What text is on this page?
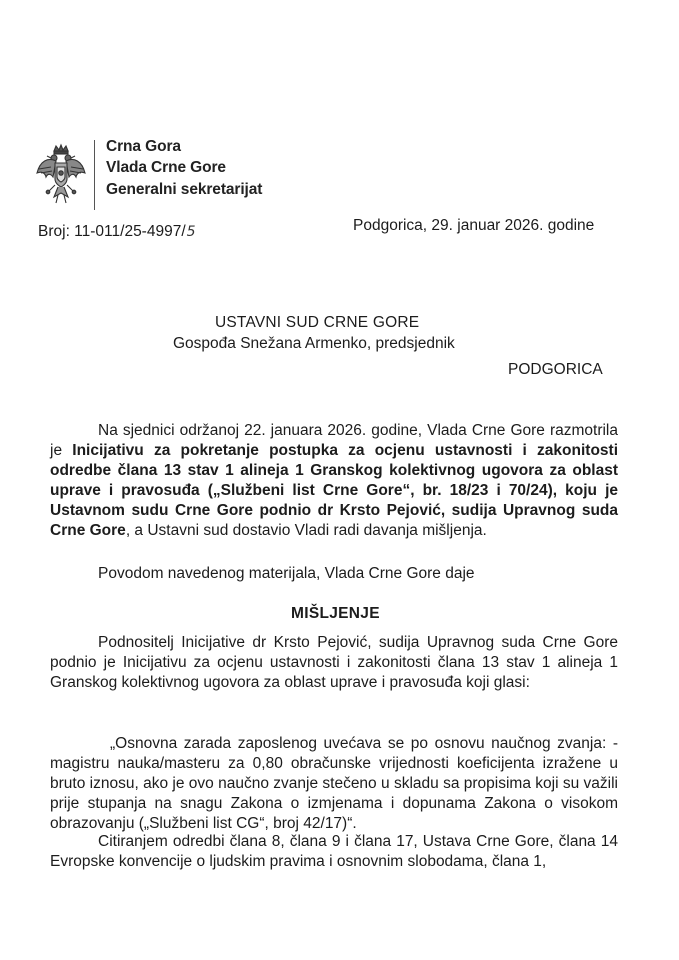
Crna Gora
Vlada Crne Gore
Generalni sekretarijat
Broj: 11-011/25-4997/5	Podgorica, 29. januar 2026. godine
USTAVNI SUD CRNE GORE
Gospođa Snežana Armenko, predsjednik
PODGORICA

Na sjednici održanoj 22. januara 2026. godine, Vlada Crne Gore razmotrila je Inicijativu za pokretanje postupka za ocjenu ustavnosti i zakonitosti odredbe člana 13 stav 1 alineja 1 Granskog kolektivnog ugovora za oblast uprave i pravosuđa („Službeni list Crne Gore“, br. 18/23 i 70/24), koju je Ustavnom sudu Crne Gore podnio dr Krsto Pejović, sudija Upravnog suda Crne Gore, a Ustavni sud dostavio Vladi radi davanja mišljenja.

Povodom navedenog materijala, Vlada Crne Gore daje

MIŠLJENJE

Podnositelj Inicijative dr Krsto Pejović, sudija Upravnog suda Crne Gore podnio je Inicijativu za ocjenu ustavnosti i zakonitosti člana 13 stav 1 alineja 1 Granskog kolektivnog ugovora za oblast uprave i pravosuđa koji glasi:

„Osnovna zarada zaposlenog uvećava se po osnovu naučnog zvanja: - magistru nauka/masteru za 0,80 obračunske vrijednosti koeficijenta izražene u bruto iznosu, ako je ovo naučno zvanje stečeno u skladu sa propisima koji su važili prije stupanja na snagu Zakona o izmjenama i dopunama Zakona o visokom obrazovanju („Službeni list CG“, broj 42/17)“.

Citiranjem odredbi člana 8, člana 9 i člana 17, Ustava Crne Gore, člana 14 Evropske konvencije o ljudskim pravima i osnovnim slobodama, člana 1,
